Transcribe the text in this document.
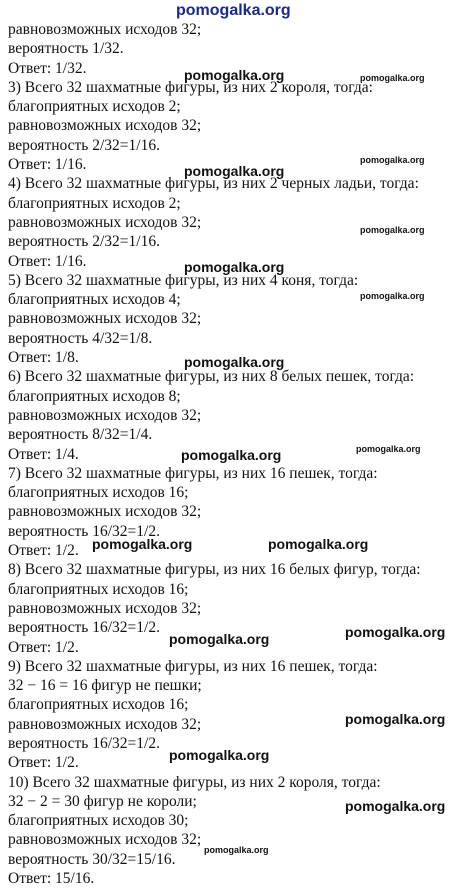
pomogalka.org
равновозможных исходов 32;
вероятность 1/32.
Ответ: 1/32.
3) Всего 32 шахматные фигуры, из них 2 короля, тогда:
благоприятных исходов 2;
равновозможных исходов 32;
вероятность 2/32=1/16.
Ответ: 1/16.
4) Всего 32 шахматные фигуры, из них 2 черных ладьи, тогда:
благоприятных исходов 2;
равновозможных исходов 32;
вероятность 2/32=1/16.
Ответ: 1/16.
5) Всего 32 шахматные фигуры, из них 4 коня, тогда:
благоприятных исходов 4;
равновозможных исходов 32;
вероятность 4/32=1/8.
Ответ: 1/8.
6) Всего 32 шахматные фигуры, из них 8 белых пешек, тогда:
благоприятных исходов 8;
равновозможных исходов 32;
вероятность 8/32=1/4.
Ответ: 1/4.
7) Всего 32 шахматные фигуры, из них 16 пешек, тогда:
благоприятных исходов 16;
равновозможных исходов 32;
вероятность 16/32=1/2.
Ответ: 1/2.
8) Всего 32 шахматные фигуры, из них 16 белых фигур, тогда:
благоприятных исходов 16;
равновозможных исходов 32;
вероятность 16/32=1/2.
Ответ: 1/2.
9) Всего 32 шахматные фигуры, из них 16 пешек, тогда:
32 − 16 = 16 фигур не пешки;
благоприятных исходов 16;
равновозможных исходов 32;
вероятность 16/32=1/2.
Ответ: 1/2.
10) Всего 32 шахматные фигуры, из них 2 короля, тогда:
32 − 2 = 30 фигур не короли;
благоприятных исходов 30;
равновозможных исходов 32;
вероятность 30/32=15/16.
Ответ: 15/16.
pomogalka.org	pomogalka.org
pomogalka.org
pomogalka.org
pomogalka.org
pomogalka.org
pomogalka.org
pomogalka.org
pomogalka.org
pomogalka.org
pomogalka.org	pomogalka.org
pomogalka.org
pomogalka.org
pomogalka.org
pomogalka.org
pomogalka.org
pomogalka.org
